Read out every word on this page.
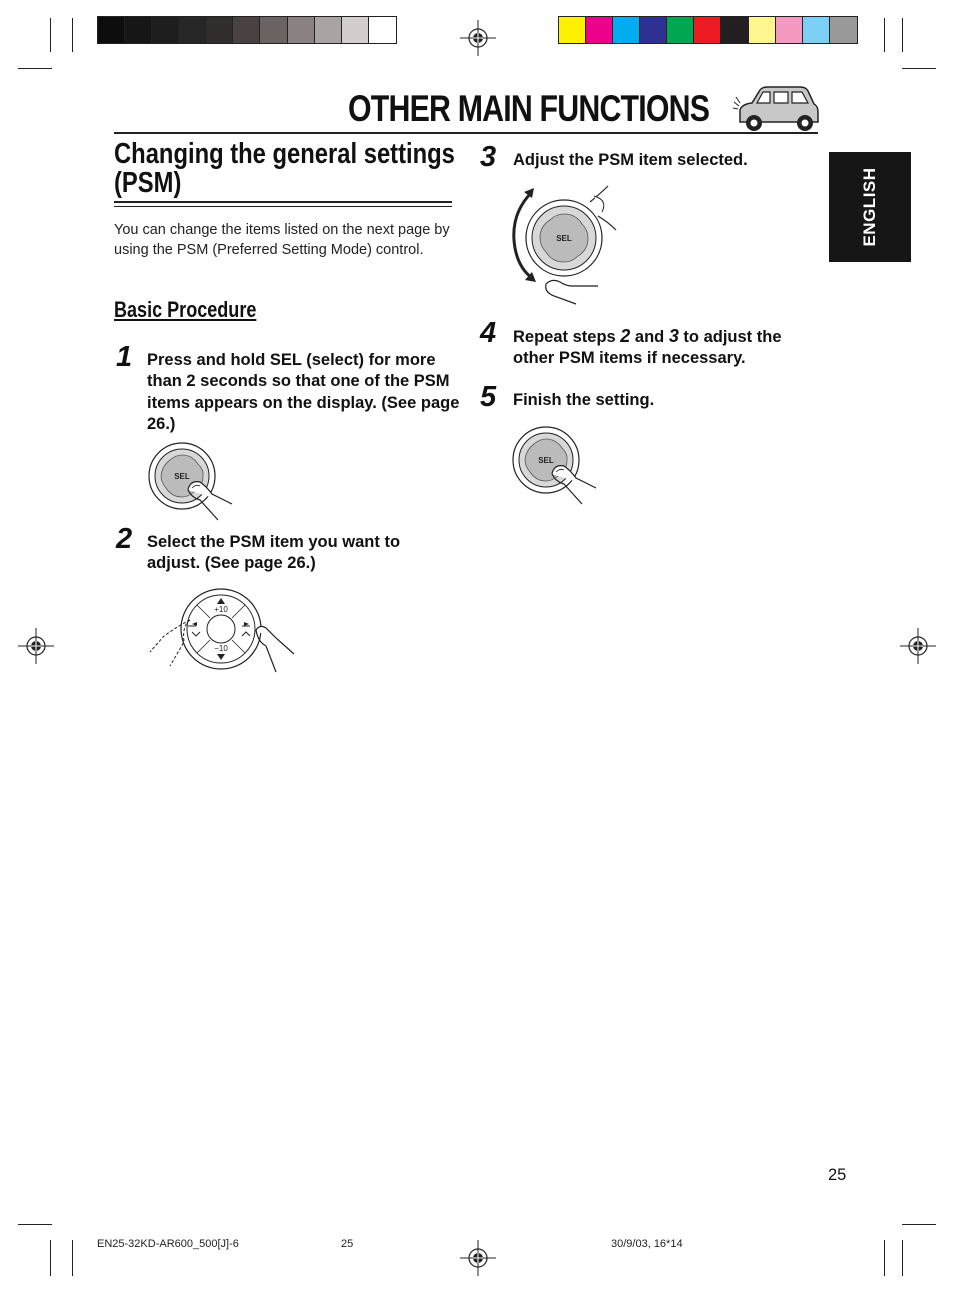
OTHER MAIN FUNCTIONS
ENGLISH
Changing the general settings
(PSM)
You can change the items listed on the next page by using the PSM (Preferred Setting Mode) control.
Basic Procedure
1 Press and hold SEL (select) for more than 2 seconds so that one of the PSM items appears on the display. (See page 26.)
SEL
2 Select the PSM item you want to adjust. (See page 26.)
+10
−10
3 Adjust the PSM item selected.
SEL
4 Repeat steps 2 and 3 to adjust the other PSM items if necessary.
5 Finish the setting.
SEL
25
EN25-32KD-AR600_500[J]-6	25	30/9/03, 16*14
